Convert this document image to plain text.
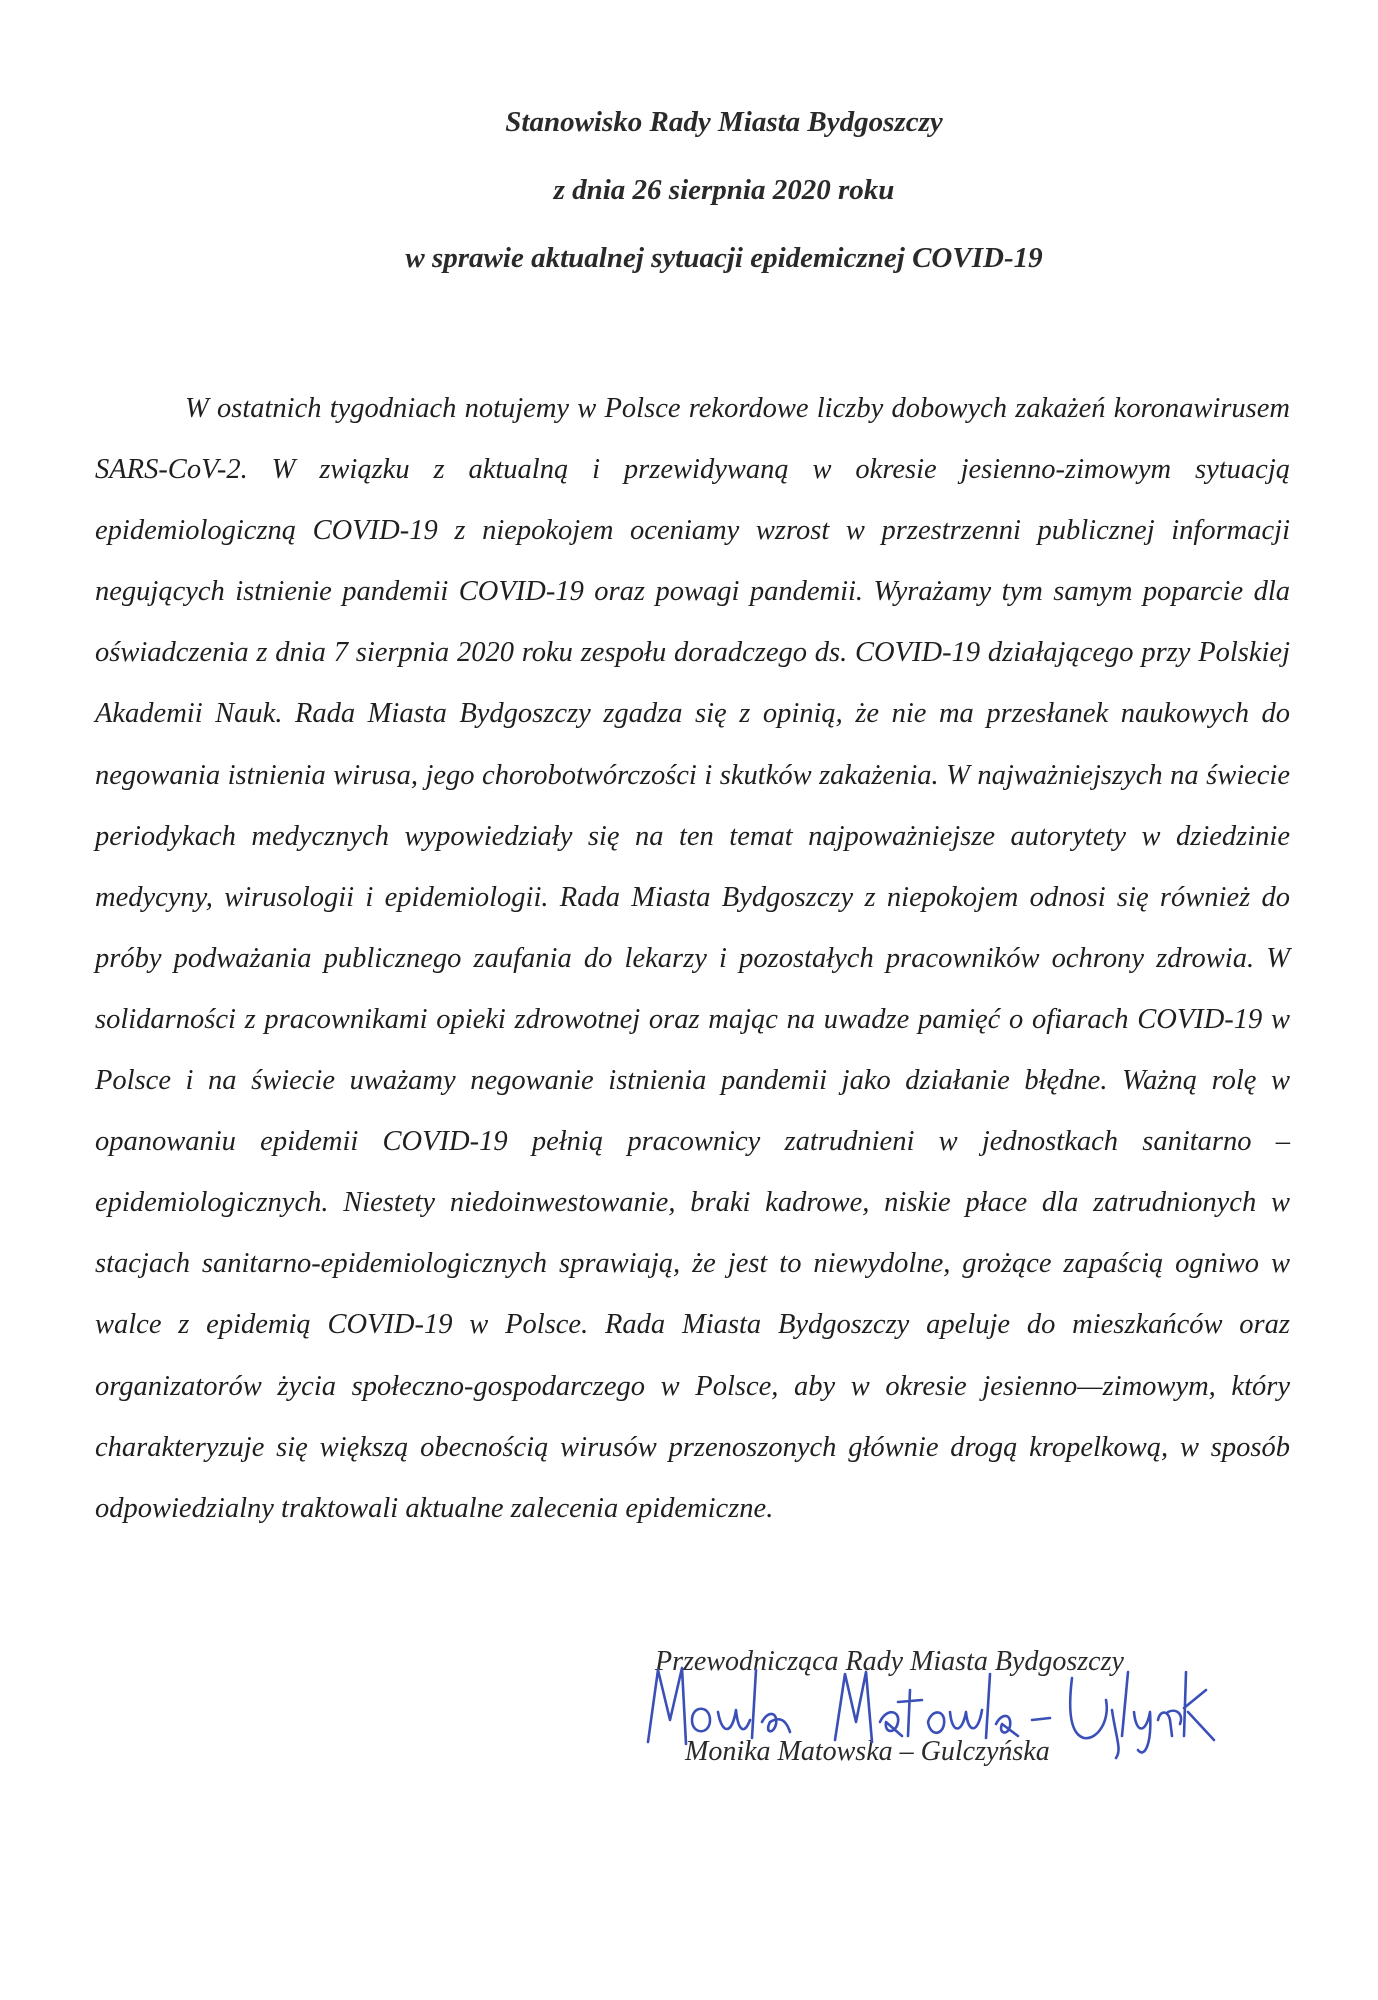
Stanowisko Rady Miasta Bydgoszczy
z dnia 26 sierpnia 2020 roku
w sprawie aktualnej sytuacji epidemicznej COVID-19
W ostatnich tygodniach notujemy w Polsce rekordowe liczby dobowych zakażeń koronawirusem SARS-CoV-2. W związku z aktualną i przewidywaną w okresie jesienno-zimowym sytuacją epidemiologiczną COVID-19 z niepokojem oceniamy wzrost w przestrzenni publicznej informacji negujących istnienie pandemii COVID-19 oraz powagi pandemii. Wyrażamy tym samym poparcie dla oświadczenia z dnia 7 sierpnia 2020 roku zespołu doradczego ds. COVID-19 działającego przy Polskiej Akademii Nauk. Rada Miasta Bydgoszczy zgadza się z opinią, że nie ma przesłanek naukowych do negowania istnienia wirusa, jego chorobotwórczości i skutków zakażenia. W najważniejszych na świecie periodykach medycznych wypowiedziały się na ten temat najpoważniejsze autorytety w dziedzinie medycyny, wirusologii i epidemiologii. Rada Miasta Bydgoszczy z niepokojem odnosi się również do próby podważania publicznego zaufania do lekarzy i pozostałych pracowników ochrony zdrowia. W solidarności z pracownikami opieki zdrowotnej oraz mając na uwadze pamięć o ofiarach COVID-19 w Polsce i na świecie uważamy negowanie istnienia pandemii jako działanie błędne. Ważną rolę w opanowaniu epidemii COVID-19 pełnią pracownicy zatrudnieni w jednostkach sanitarno – epidemiologicznych. Niestety niedoinwestowanie, braki kadrowe, niskie płace dla zatrudnionych w stacjach sanitarno-epidemiologicznych sprawiają, że jest to niewydolne, grożące zapaścią ogniwo w walce z epidemią COVID-19 w Polsce. Rada Miasta Bydgoszczy apeluje do mieszkańców oraz organizatorów życia społeczno-gospodarczego w Polsce, aby w okresie jesienno—zimowym, który charakteryzuje się większą obecnością wirusów przenoszonych głównie drogą kropelkową, w sposób odpowiedzialny traktowali aktualne zalecenia epidemiczne.
Przewodnicząca Rady Miasta Bydgoszczy
Monika Matowska – Gulczyńska
